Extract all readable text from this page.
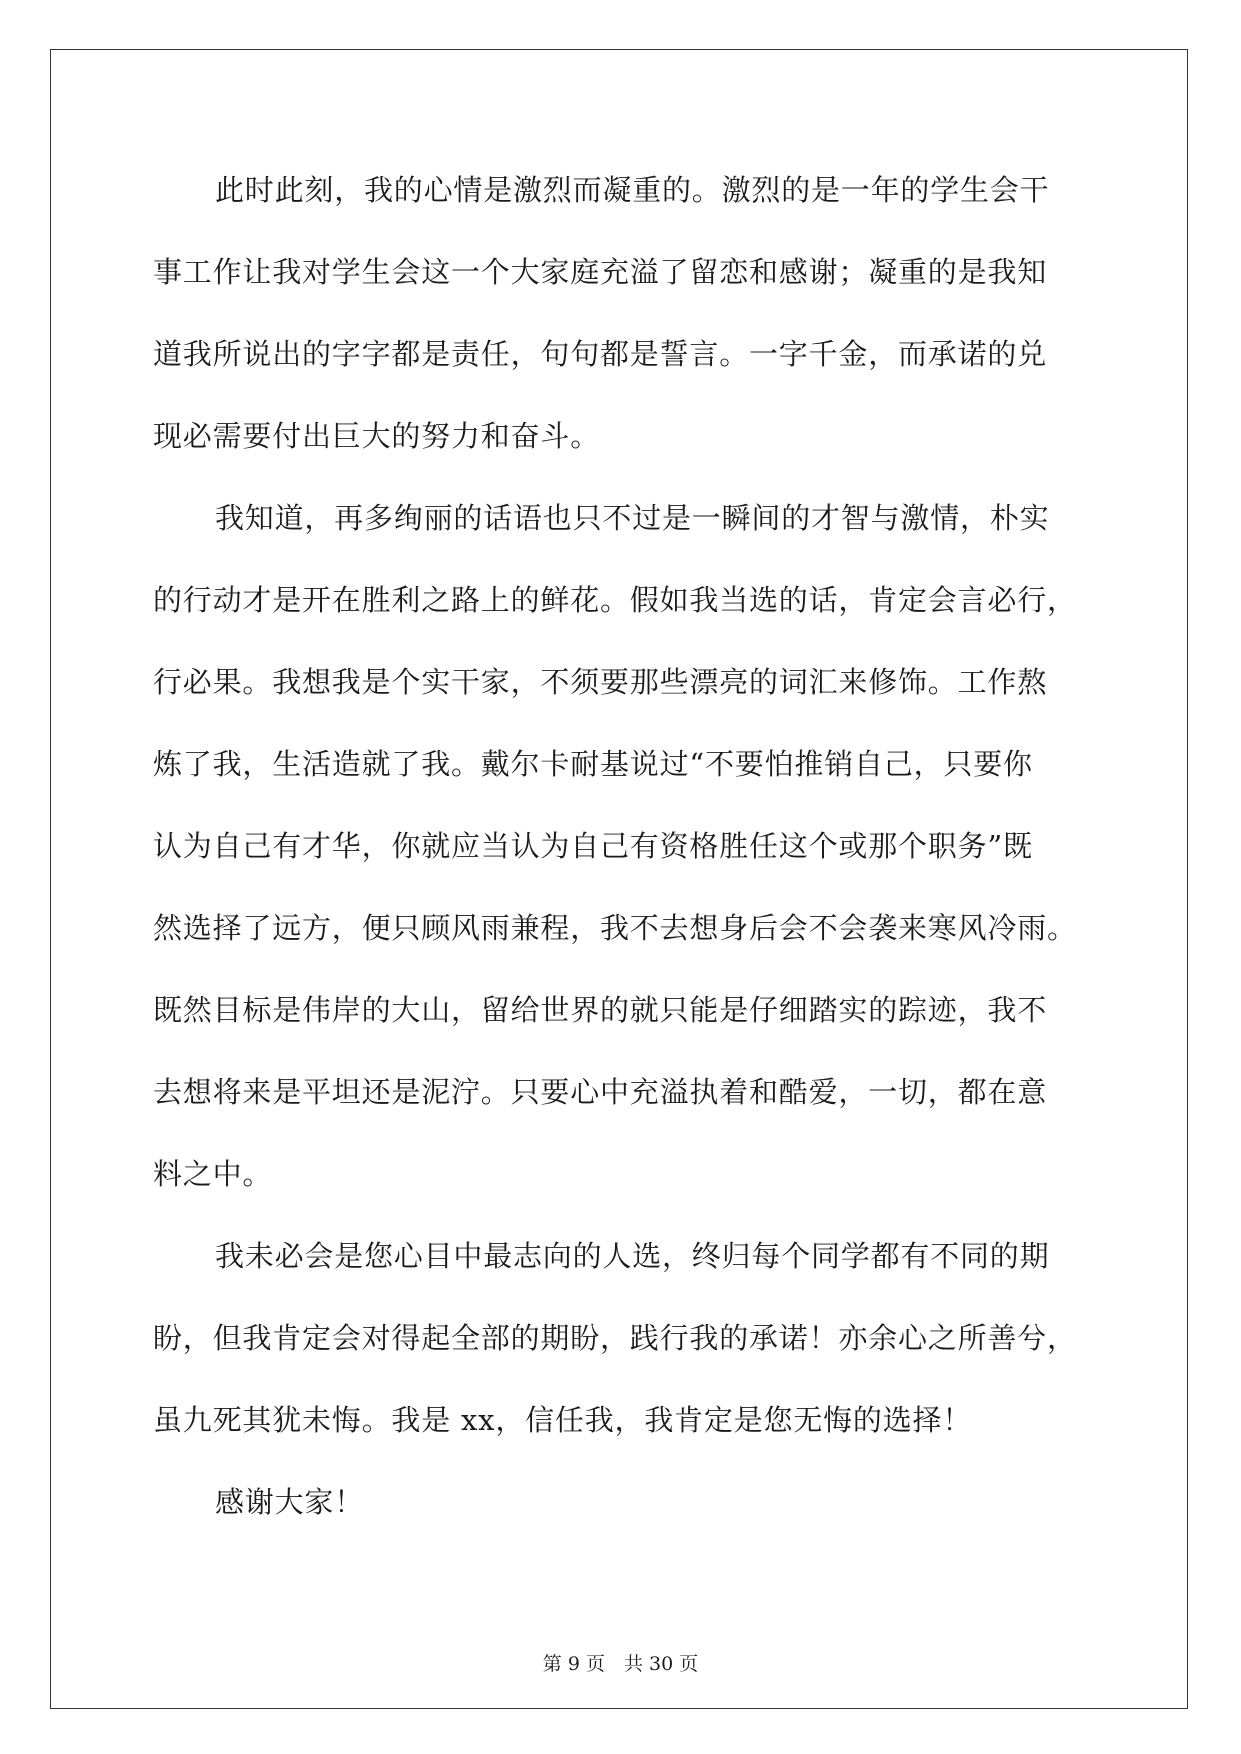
此时此刻，我的心情是激烈而凝重的。激烈的是一年的学生会干
事工作让我对学生会这一个大家庭充溢了留恋和感谢；凝重的是我知
道我所说出的字字都是责任，句句都是誓言。一字千金，而承诺的兑
现必需要付出巨大的努力和奋斗。
我知道，再多绚丽的话语也只不过是一瞬间的才智与激情，朴实
的行动才是开在胜利之路上的鲜花。假如我当选的话，肯定会言必行，
行必果。我想我是个实干家，不须要那些漂亮的词汇来修饰。工作熬
炼了我，生活造就了我。戴尔卡耐基说过“不要怕推销自己，只要你
认为自己有才华，你就应当认为自己有资格胜任这个或那个职务”既
然选择了远方，便只顾风雨兼程，我不去想身后会不会袭来寒风冷雨。
既然目标是伟岸的大山，留给世界的就只能是仔细踏实的踪迹，我不
去想将来是平坦还是泥泞。只要心中充溢执着和酷爱，一切，都在意
料之中。
我未必会是您心目中最志向的人选，终归每个同学都有不同的期
盼，但我肯定会对得起全部的期盼，践行我的承诺！亦余心之所善兮，
虽九死其犹未悔。我是 xx，信任我，我肯定是您无悔的选择！
感谢大家！
第 9 页　共 30 页
